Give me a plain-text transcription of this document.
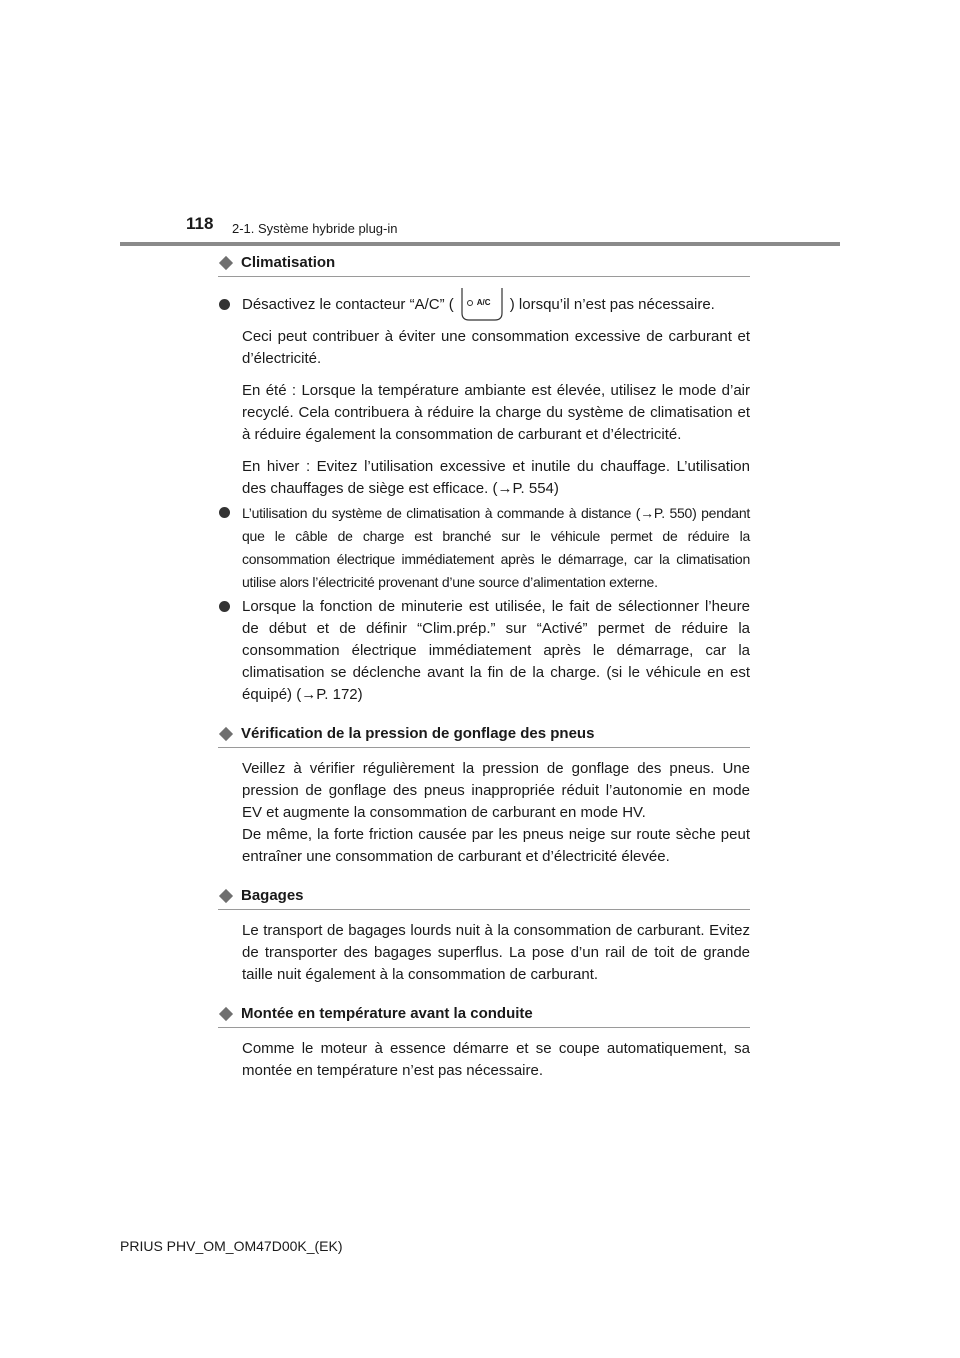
118 2-1. Système hybride plug-in
Climatisation

Désactivez le contacteur “A/C” (	A/C ) lorsqu’il n’est pas nécessaire.

Ceci peut contribuer à éviter une consommation excessive de carburant et d’électricité.

En été : Lorsque la température ambiante est élevée, utilisez le mode d’air recyclé. Cela contribuera à réduire la charge du système de climatisation et à réduire également la consommation de carburant et d’électricité.

En hiver : Evitez l’utilisation excessive et inutile du chauffage. L’utilisation des chauffages de siège est efficace. (→P. 554)

L’utilisation du système de climatisation à commande à distance (→P. 550) pendant que le câble de charge est branché sur le véhicule permet de réduire la consommation électrique immédiatement après le démarrage, car la climatisation utilise alors l’électricité provenant d’une source d’alimentation externe.

Lorsque la fonction de minuterie est utilisée, le fait de sélectionner l’heure de début et de définir “Clim.prép.” sur “Activé” permet de réduire la consommation électrique immédiatement après le démarrage, car la climatisation se déclenche avant la fin de la charge. (si le véhicule en est équipé) (→P. 172)

Vérification de la pression de gonflage des pneus

Veillez à vérifier régulièrement la pression de gonflage des pneus. Une pression de gonflage des pneus inappropriée réduit l’autonomie en mode EV et augmente la consommation de carburant en mode HV.

De même, la forte friction causée par les pneus neige sur route sèche peut entraîner une consommation de carburant et d’électricité élevée.

Bagages

Le transport de bagages lourds nuit à la consommation de carburant. Evitez de transporter des bagages superflus. La pose d’un rail de toit de grande taille nuit également à la consommation de carburant.

Montée en température avant la conduite

Comme le moteur à essence démarre et se coupe automatiquement, sa montée en température n’est pas nécessaire.

PRIUS PHV_OM_OM47D00K_(EK)
